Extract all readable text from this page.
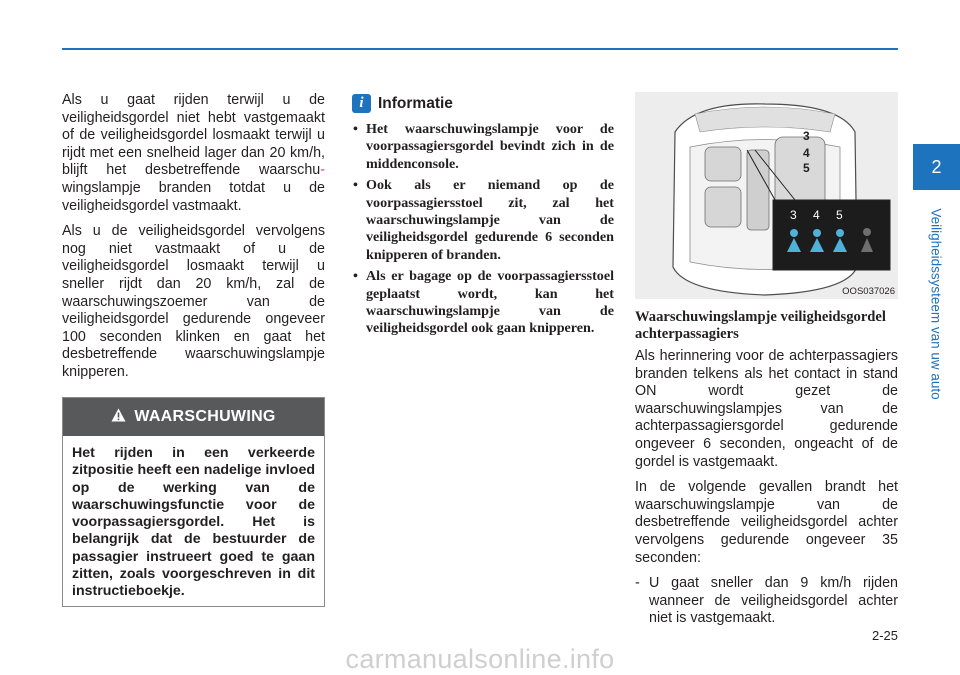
Als u gaat rijden terwijl u de veiligheidsgordel niet hebt vastgemaakt of de veiligheidsgordel losmaakt terwijl u rijdt met een snelheid lager dan 20 km/h, blijft het desbetreffende waarschu- wingslampje branden totdat u de veiligheidsgordel vastmaakt.

Als u de veiligheidsgordel vervolgens nog niet vastmaakt of u de veiligheidsgordel losmaakt terwijl u sneller rijdt dan 20 km/h, zal de waarschuwingszoemer van de veiligheidsgordel gedurende ongeveer 100 seconden klinken en gaat het desbetreffende waarschuwingslampje knipperen.

WAARSCHUWING
Het rijden in een verkeerde zitpositie heeft een nadelige invloed op de werking van de waarschuwingsfunctie voor de voorpassagiersgordel. Het is belangrijk dat de bestuurder de passagier instrueert goed te gaan zitten, zoals voorgeschreven in dit instructieboekje.
i Informatie
• Het waarschuwingslampje voor de voorpassagiersgordel bevindt zich in de middenconsole.
• Ook als er niemand op de voorpassagiersstoel zit, zal het waarschuwingslampje van de veiligheidsgordel gedurende 6 seconden knipperen of branden.
• Als er bagage op de voorpassagiersstoel geplaatst wordt, kan het waarschuwingslampje van de veiligheidsgordel ook gaan knipperen.
3
4
5
3 4 5
OOS037026
Waarschuwingslampje veiligheidsgordel achterpassagiers

Als herinnering voor de achterpassagiers branden telkens als het contact in stand ON wordt gezet de waarschuwingslampjes van de achterpassagiersgordel gedurende ongeveer 6 seconden, ongeacht of de gordel is vastgemaakt.

In de volgende gevallen brandt het waarschuwingslampje van de desbetreffende veiligheidsgordel achter vervolgens gedurende ongeveer 35 seconden:

- U gaat sneller dan 9 km/h rijden wanneer de veiligheidsgordel achter niet is vastgemaakt.

2
Veiligheidssysteem van uw auto
2-25
carmanualsonline.info
